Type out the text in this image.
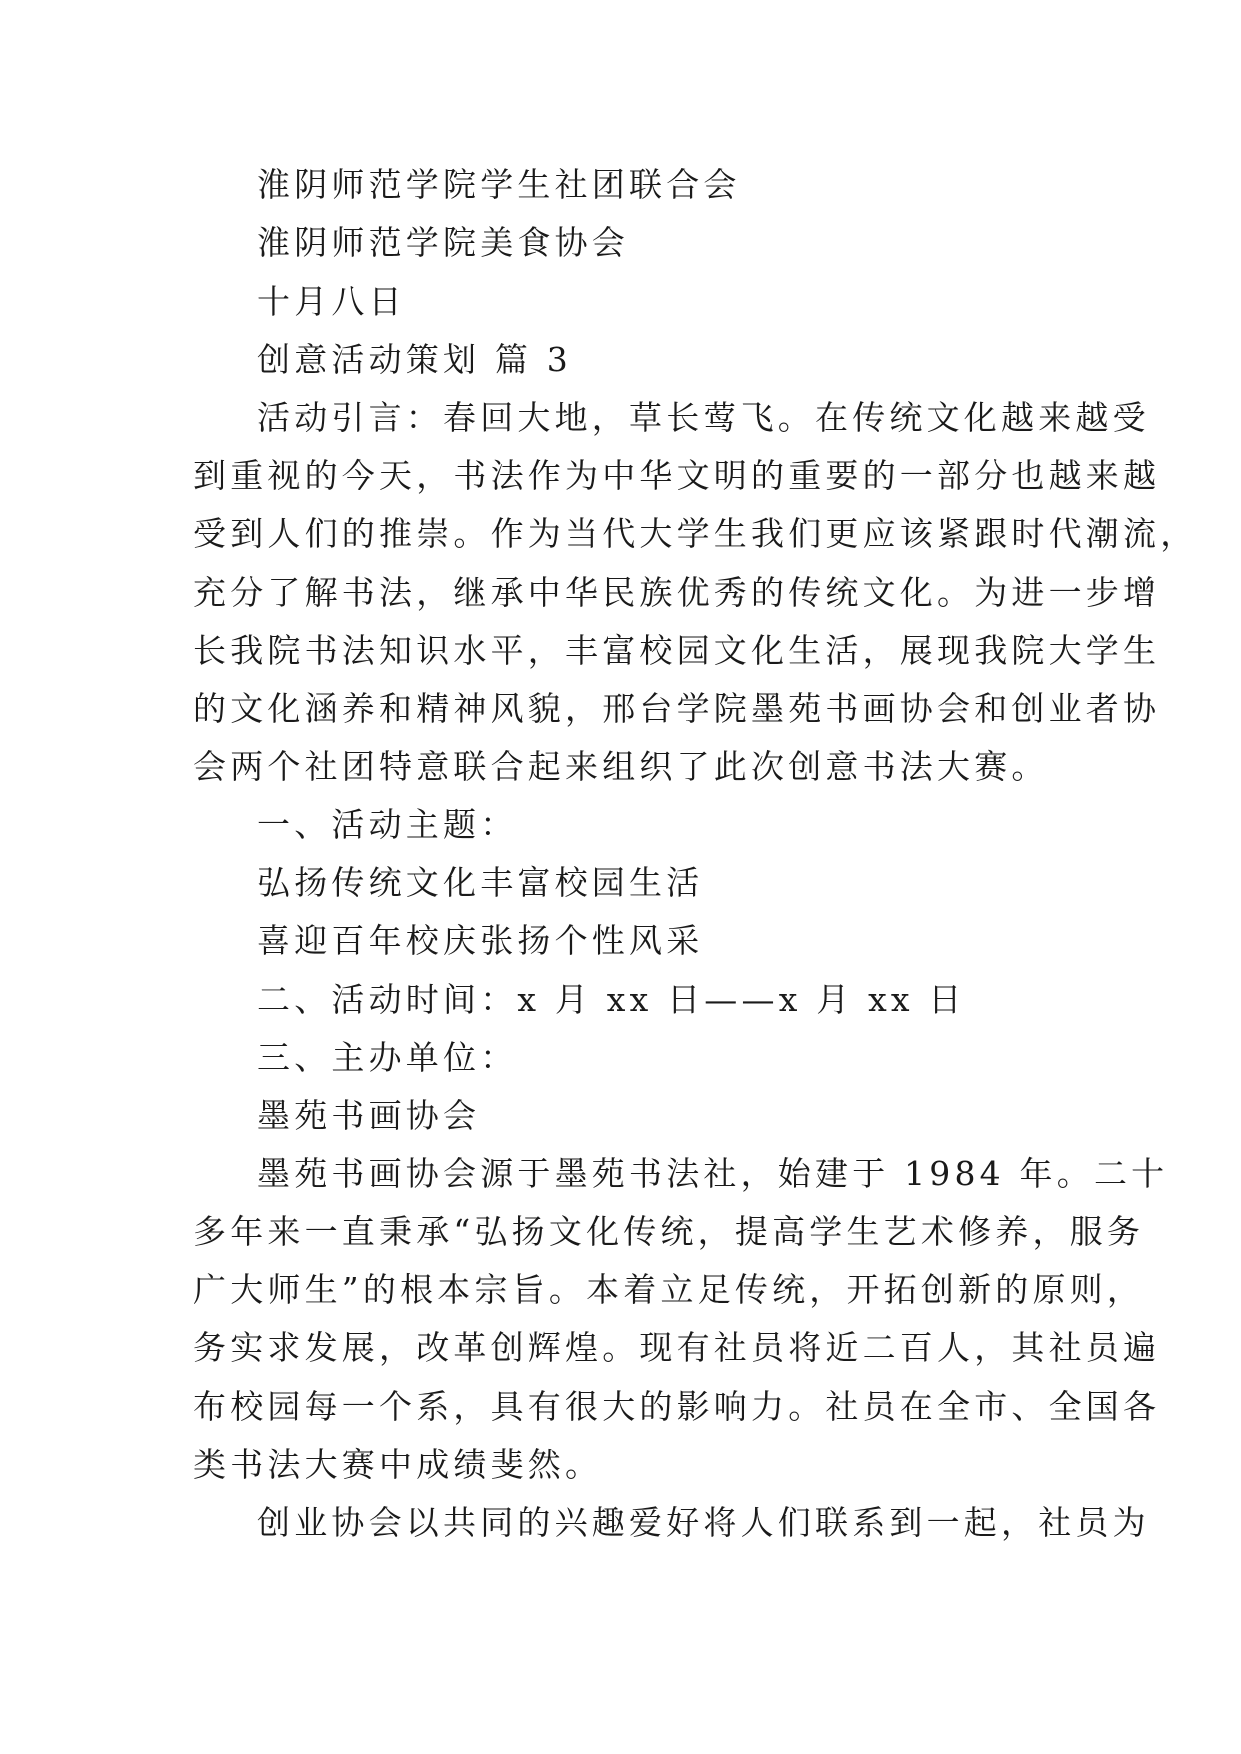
淮阴师范学院学生社团联合会

淮阴师范学院美食协会

十月八日

创意活动策划 篇 3

活动引言：春回大地，草长莺飞。在传统文化越来越受

到重视的今天，书法作为中华文明的重要的一部分也越来越

受到人们的推崇。作为当代大学生我们更应该紧跟时代潮流，

充分了解书法，继承中华民族优秀的传统文化。为进一步增

长我院书法知识水平，丰富校园文化生活，展现我院大学生

的文化涵养和精神风貌，邢台学院墨苑书画协会和创业者协

会两个社团特意联合起来组织了此次创意书法大赛。

一、活动主题：

弘扬传统文化丰富校园生活

喜迎百年校庆张扬个性风采

二、活动时间：x 月 xx 日——x 月 xx 日

三、主办单位：

墨苑书画协会

墨苑书画协会源于墨苑书法社，始建于 1984 年。二十

多年来一直秉承“弘扬文化传统，提高学生艺术修养，服务

广大师生”的根本宗旨。本着立足传统，开拓创新的原则，

务实求发展，改革创辉煌。现有社员将近二百人，其社员遍

布校园每一个系，具有很大的影响力。社员在全市、全国各

类书法大赛中成绩斐然。

创业协会以共同的兴趣爱好将人们联系到一起，社员为
